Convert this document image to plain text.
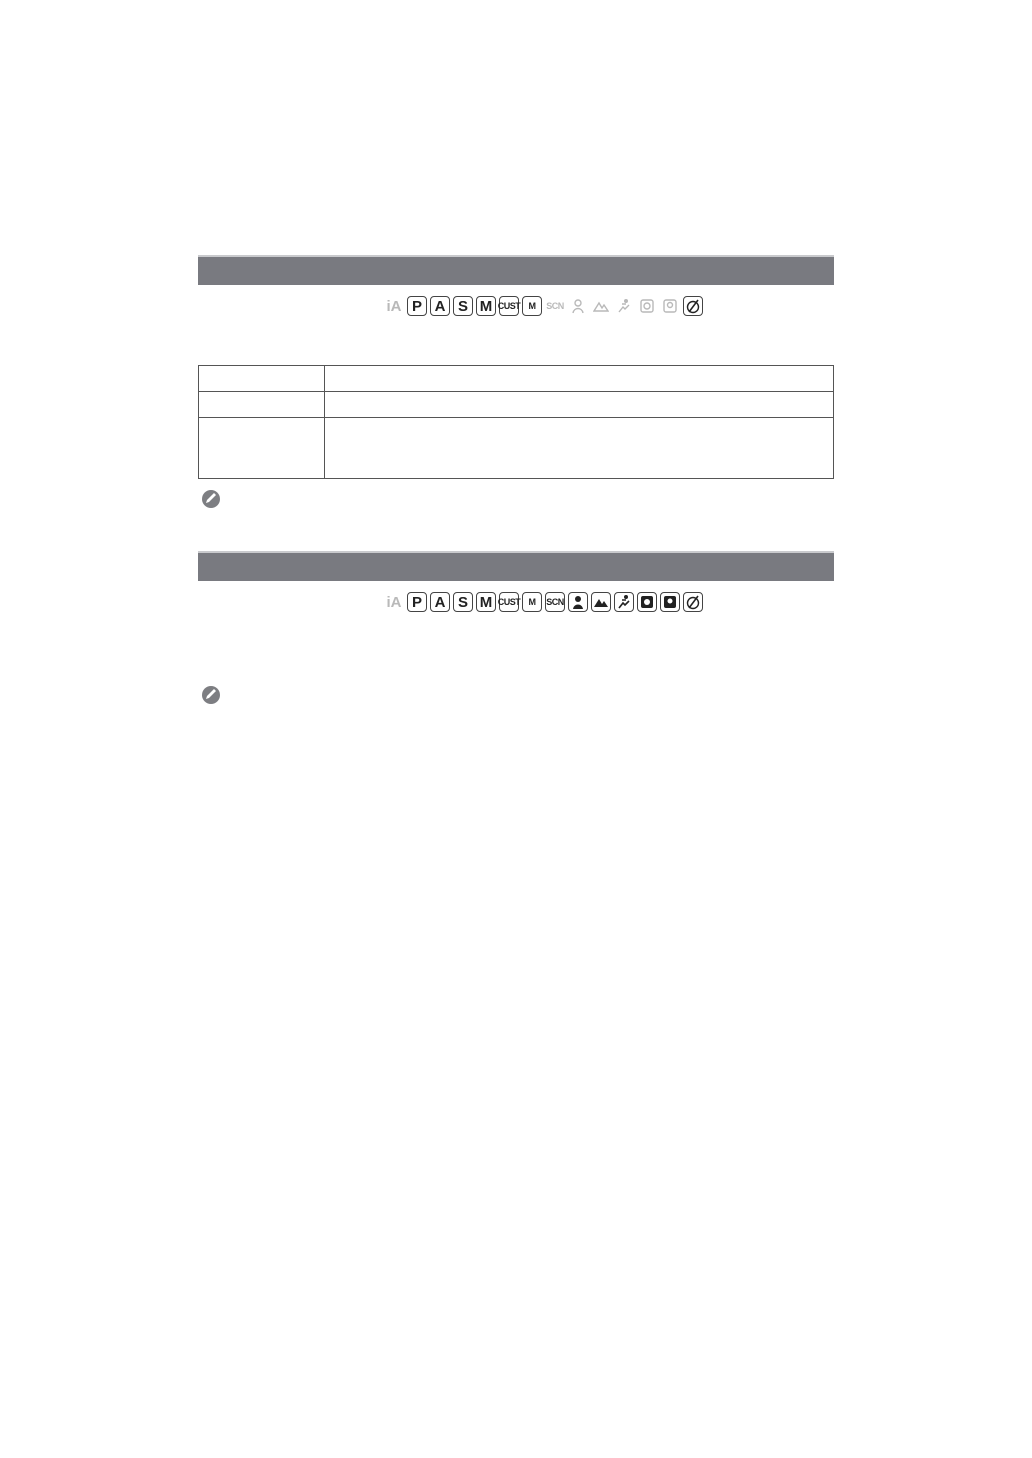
iA P A S M CUST M SCN

iA P A S M CUST M SCN
